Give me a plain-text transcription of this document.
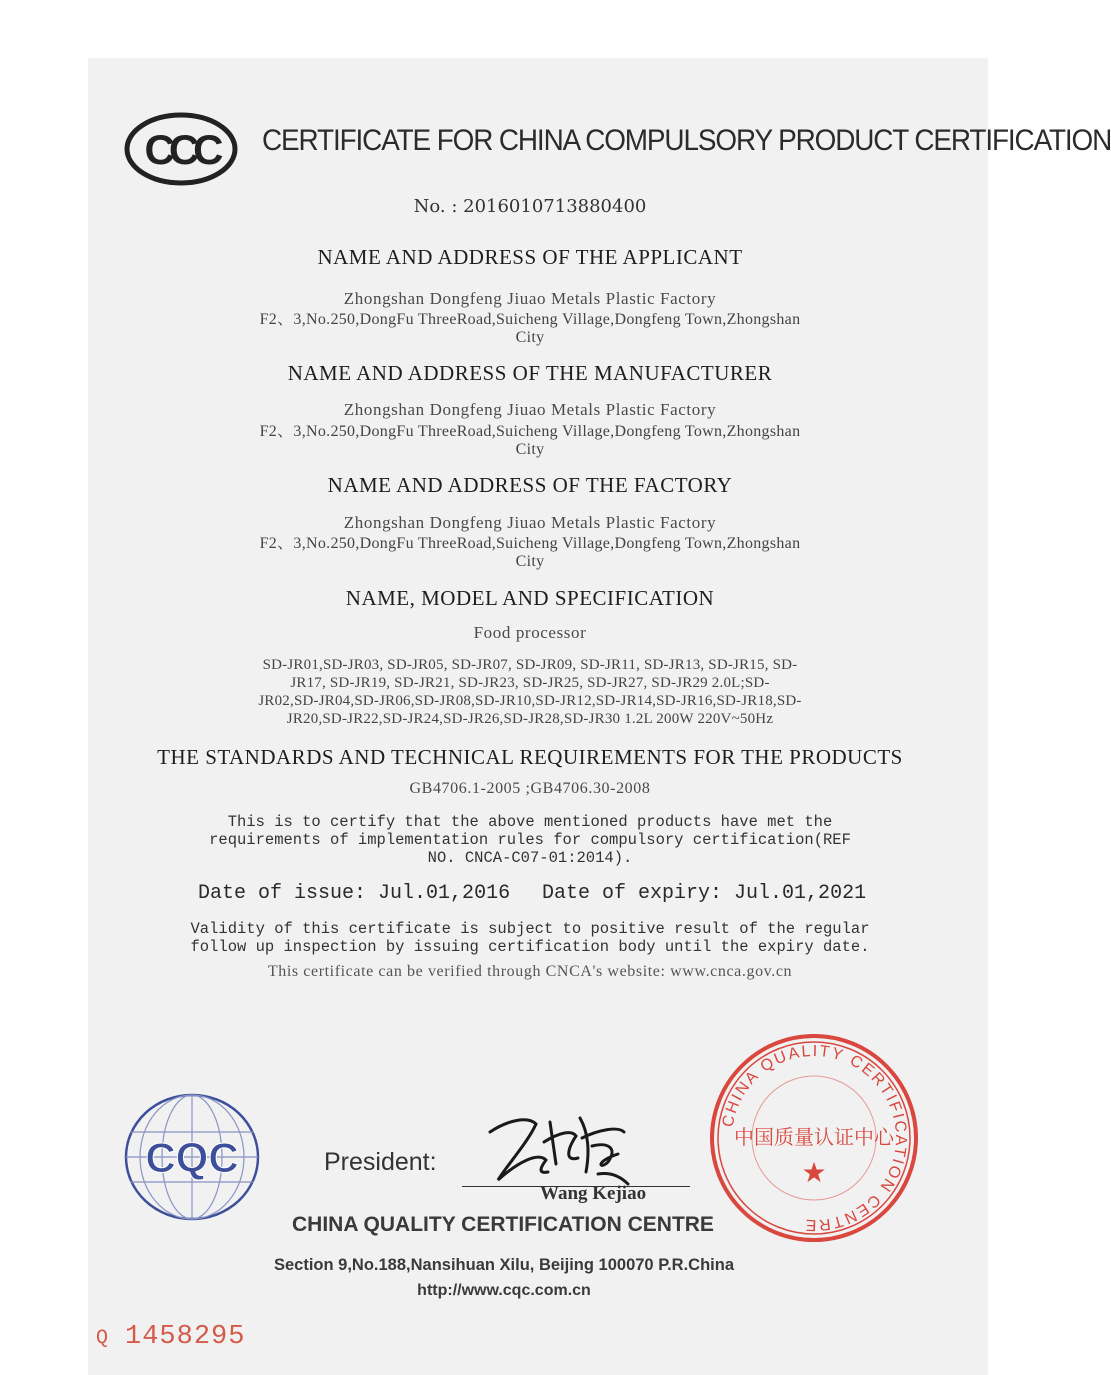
CCC CERTIFICATE FOR CHINA COMPULSORY PRODUCT CERTIFICATION
No. : 2016010713880400
NAME AND ADDRESS OF THE APPLICANT
Zhongshan Dongfeng Jiuao Metals Plastic Factory
F2、3,No.250,DongFu ThreeRoad,Suicheng Village,Dongfeng Town,Zhongshan
City
NAME AND ADDRESS OF THE MANUFACTURER
Zhongshan Dongfeng Jiuao Metals Plastic Factory
F2、3,No.250,DongFu ThreeRoad,Suicheng Village,Dongfeng Town,Zhongshan
City
NAME AND ADDRESS OF THE FACTORY
Zhongshan Dongfeng Jiuao Metals Plastic Factory
F2、3,No.250,DongFu ThreeRoad,Suicheng Village,Dongfeng Town,Zhongshan
City
NAME, MODEL AND SPECIFICATION
Food processor
SD-JR01,SD-JR03, SD-JR05, SD-JR07, SD-JR09, SD-JR11, SD-JR13, SD-JR15, SD-
JR17, SD-JR19, SD-JR21, SD-JR23, SD-JR25, SD-JR27, SD-JR29 2.0L;SD-
JR02,SD-JR04,SD-JR06,SD-JR08,SD-JR10,SD-JR12,SD-JR14,SD-JR16,SD-JR18,SD-
JR20,SD-JR22,SD-JR24,SD-JR26,SD-JR28,SD-JR30 1.2L 200W 220V~50Hz
THE STANDARDS AND TECHNICAL REQUIREMENTS FOR THE PRODUCTS
GB4706.1-2005 ;GB4706.30-2008
This is to certify that the above mentioned products have met the
requirements of implementation rules for compulsory certification(REF
NO. CNCA-C07-01:2014).
Date of issue: Jul.01,2016 Date of expiry: Jul.01,2021
Validity of this certificate is subject to positive result of the regular
follow up inspection by issuing certification body until the expiry date.
This certificate can be verified through CNCA's website: www.cnca.gov.cn
CQC	President:
Wang Kejiao
CHINA QUALITY CERTIFICATION CENTRE
Section 9,No.188,Nansihuan Xilu, Beijing 100070 P.R.China
http://www.cqc.com.cn
CHINA QUALITY CERTIFICATION CENTRE
中国质量认证中心
★
Q 1458295
